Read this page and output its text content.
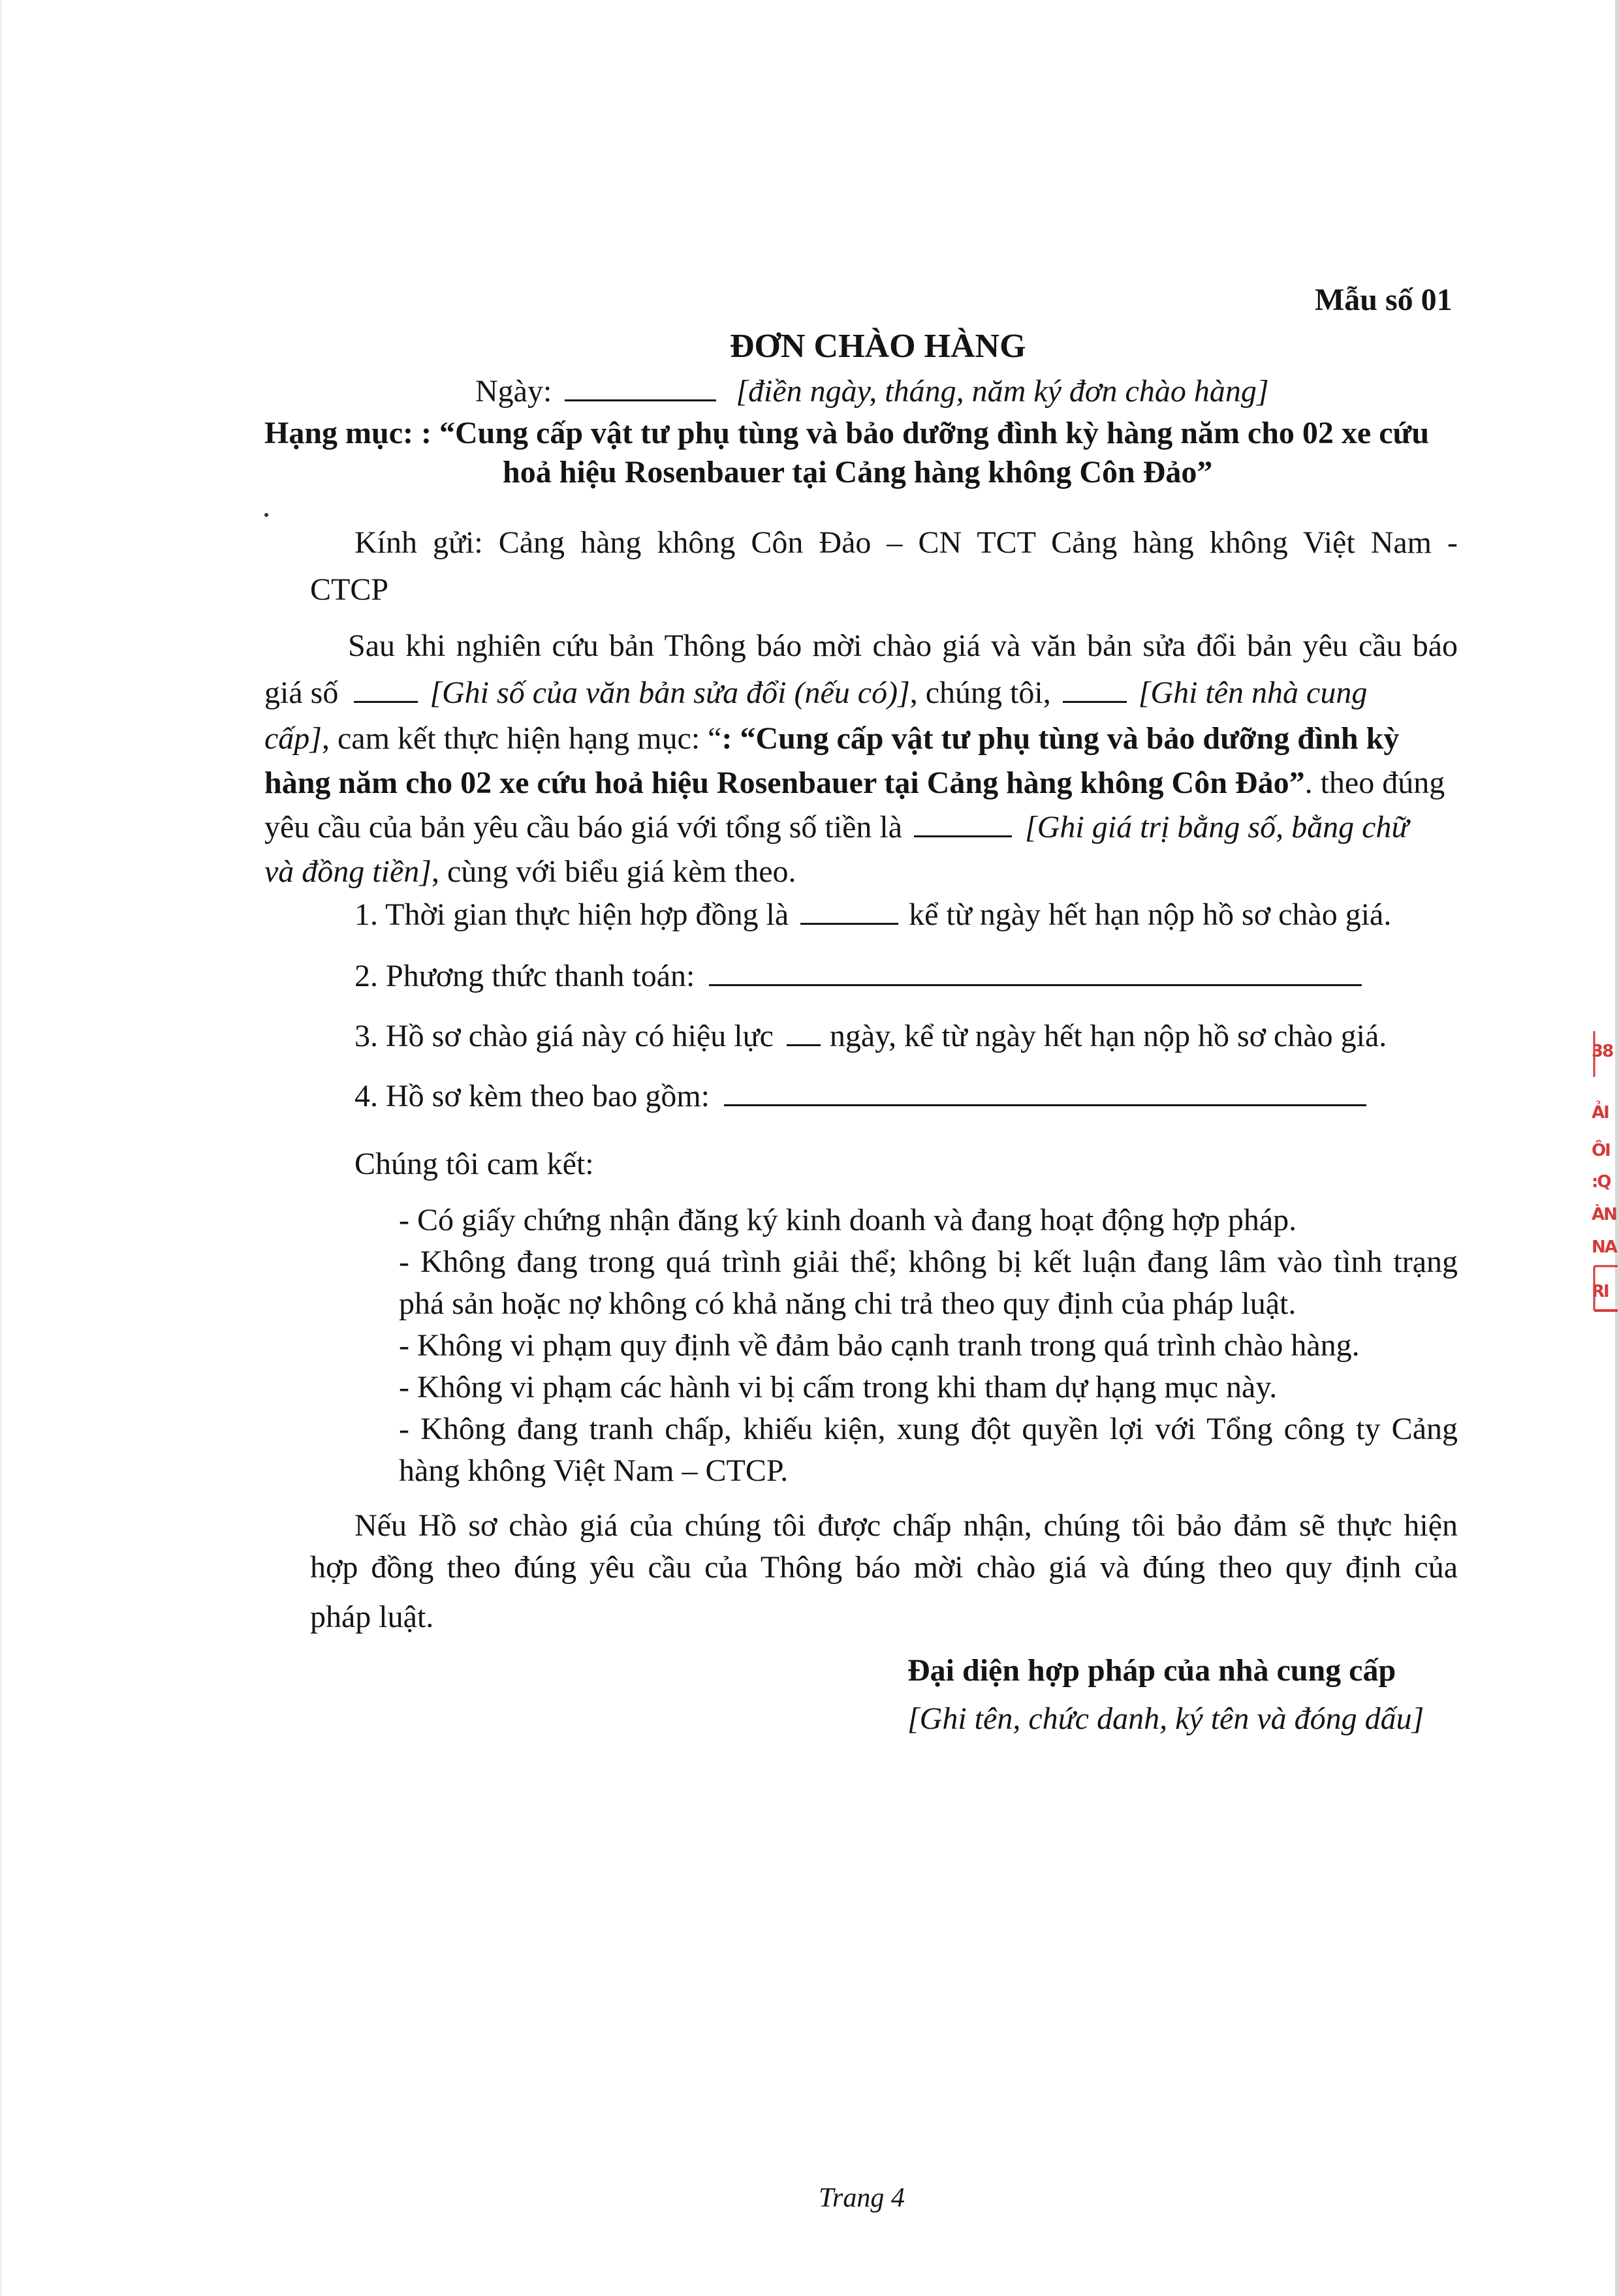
Mẫu số 01
ĐƠN CHÀO HÀNG
Ngày:	[điền ngày, tháng, năm ký đơn chào hàng]
Hạng mục: : “Cung cấp vật tư phụ tùng và bảo dưỡng đình kỳ hàng năm cho 02 xe cứu
hoả hiệu Rosenbauer tại Cảng hàng không Côn Đảo”
Kính gửi: Cảng hàng không Côn Đảo – CN TCT Cảng hàng không Việt Nam -
CTCP
Sau khi nghiên cứu bản Thông báo mời chào giá và văn bản sửa đổi bản yêu cầu báo
giá số	[Ghi số của văn bản sửa đổi (nếu có)], chúng tôi,	[Ghi tên nhà cung
cấp], cam kết thực hiện hạng mục: “: “Cung cấp vật tư phụ tùng và bảo dưỡng đình kỳ
hàng năm cho 02 xe cứu hoả hiệu Rosenbauer tại Cảng hàng không Côn Đảo”. theo đúng
yêu cầu của bản yêu cầu báo giá với tổng số tiền là	[Ghi giá trị bằng số, bằng chữ
và đồng tiền], cùng với biểu giá kèm theo.
1. Thời gian thực hiện hợp đồng là	kể từ ngày hết hạn nộp hồ sơ chào giá.
2. Phương thức thanh toán:
3. Hồ sơ chào giá này có hiệu lực ngày, kể từ ngày hết hạn nộp hồ sơ chào giá.
4. Hồ sơ kèm theo bao gồm:
Chúng tôi cam kết:
- Có giấy chứng nhận đăng ký kinh doanh và đang hoạt động hợp pháp.
- Không đang trong quá trình giải thể; không bị kết luận đang lâm vào tình trạng
phá sản hoặc nợ không có khả năng chi trả theo quy định của pháp luật.
- Không vi phạm quy định về đảm bảo cạnh tranh trong quá trình chào hàng.
- Không vi phạm các hành vi bị cấm trong khi tham dự hạng mục này.
- Không đang tranh chấp, khiếu kiện, xung đột quyền lợi với Tổng công ty Cảng
hàng không Việt Nam – CTCP.
Nếu Hồ sơ chào giá của chúng tôi được chấp nhận, chúng tôi bảo đảm sẽ thực hiện
hợp đồng theo đúng yêu cầu của Thông báo mời chào giá và đúng theo quy định của
pháp luật.
Đại diện hợp pháp của nhà cung cấp
[Ghi tên, chức danh, ký tên và đóng dấu]
Trang 4
38
ẢI
ÔI
:Q
ÀN
NA
RI
